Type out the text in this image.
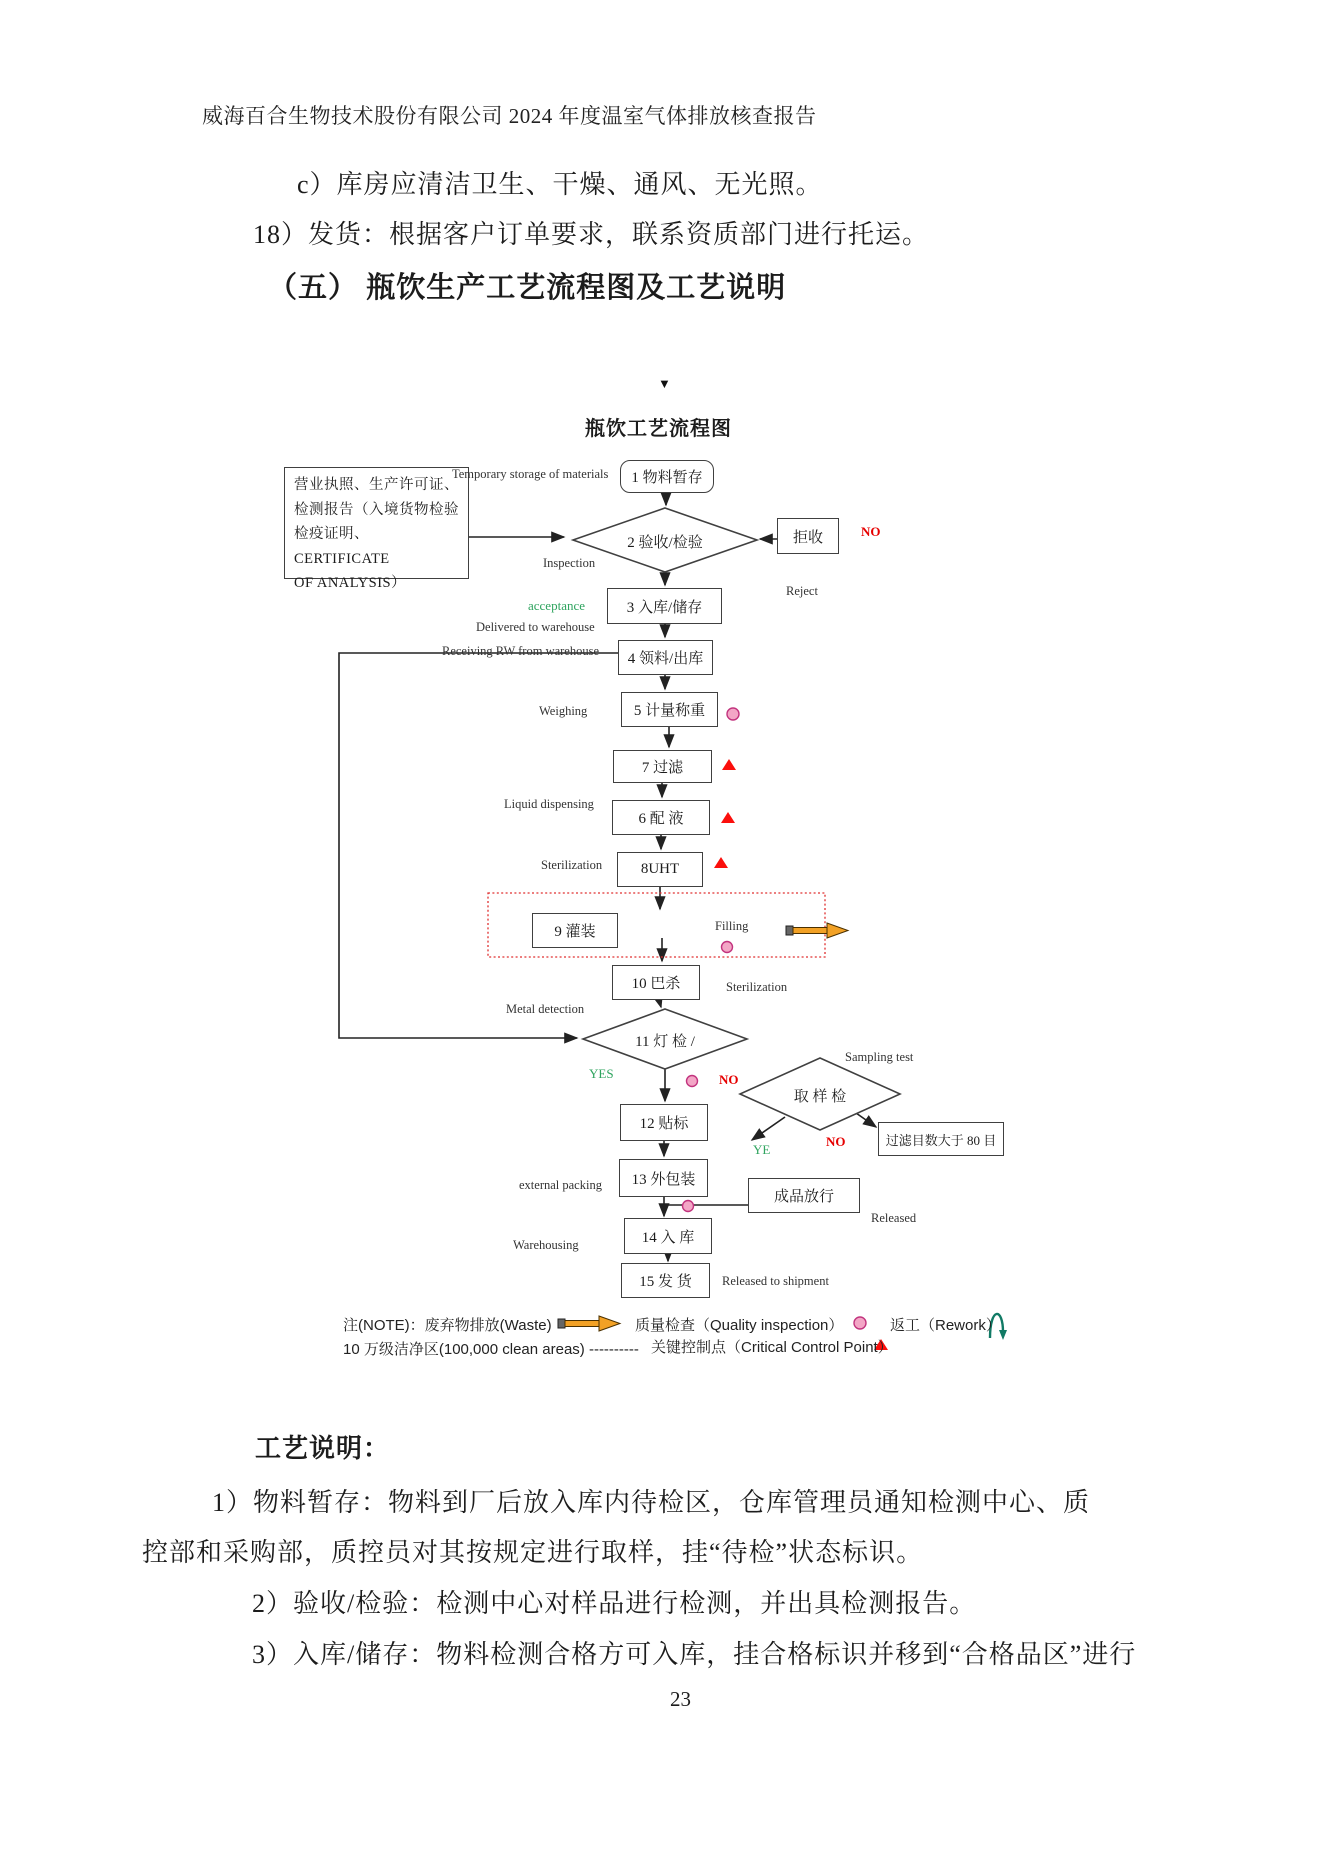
威海百合生物技术股份有限公司 2024 年度温室气体排放核查报告
c）库房应清洁卫生、干燥、通风、无光照。
18）发货：根据客户订单要求，联系资质部门进行托运。
（五） 瓶饮生产工艺流程图及工艺说明
▼
瓶饮工艺流程图
营业执照、生产许可证、
检测报告（入境货物检验
检疫证明、CERTIFICATE
OF ANALYSIS）
1 物料暂存
拒收
3 入库/储存
4 领料/出库
5 计量称重
7 过滤
6 配 液
8UHT
9 灌装
10 巴杀
过滤目数大于 80 目
12 贴标
13 外包装
成品放行
14 入 库
15 发 货
2 验收/检验
11 灯 检 /
取 样 检
Temporary storage of materials
Inspection
Reject
Delivered to warehouse
Receiving RW from warehouse
Weighing
Liquid dispensing
Sterilization
Filling
Sterilization
Metal detection
Sampling test
Released
external packing
Warehousing
Released to shipment
NO
acceptance
YES	NO
YE
NO
注(NOTE)：废弃物排放(Waste)	质量检查（Quality inspection）	返工（Rework）
10 万级洁净区(100,000 clean areas) ---------- 关键控制点（Critical Control Point）
工艺说明：
1）物料暂存：物料到厂后放入库内待检区，仓库管理员通知检测中心、质
控部和采购部，质控员对其按规定进行取样，挂“待检”状态标识。
2）验收/检验：检测中心对样品进行检测，并出具检测报告。
3）入库/储存：物料检测合格方可入库，挂合格标识并移到“合格品区”进行
23
